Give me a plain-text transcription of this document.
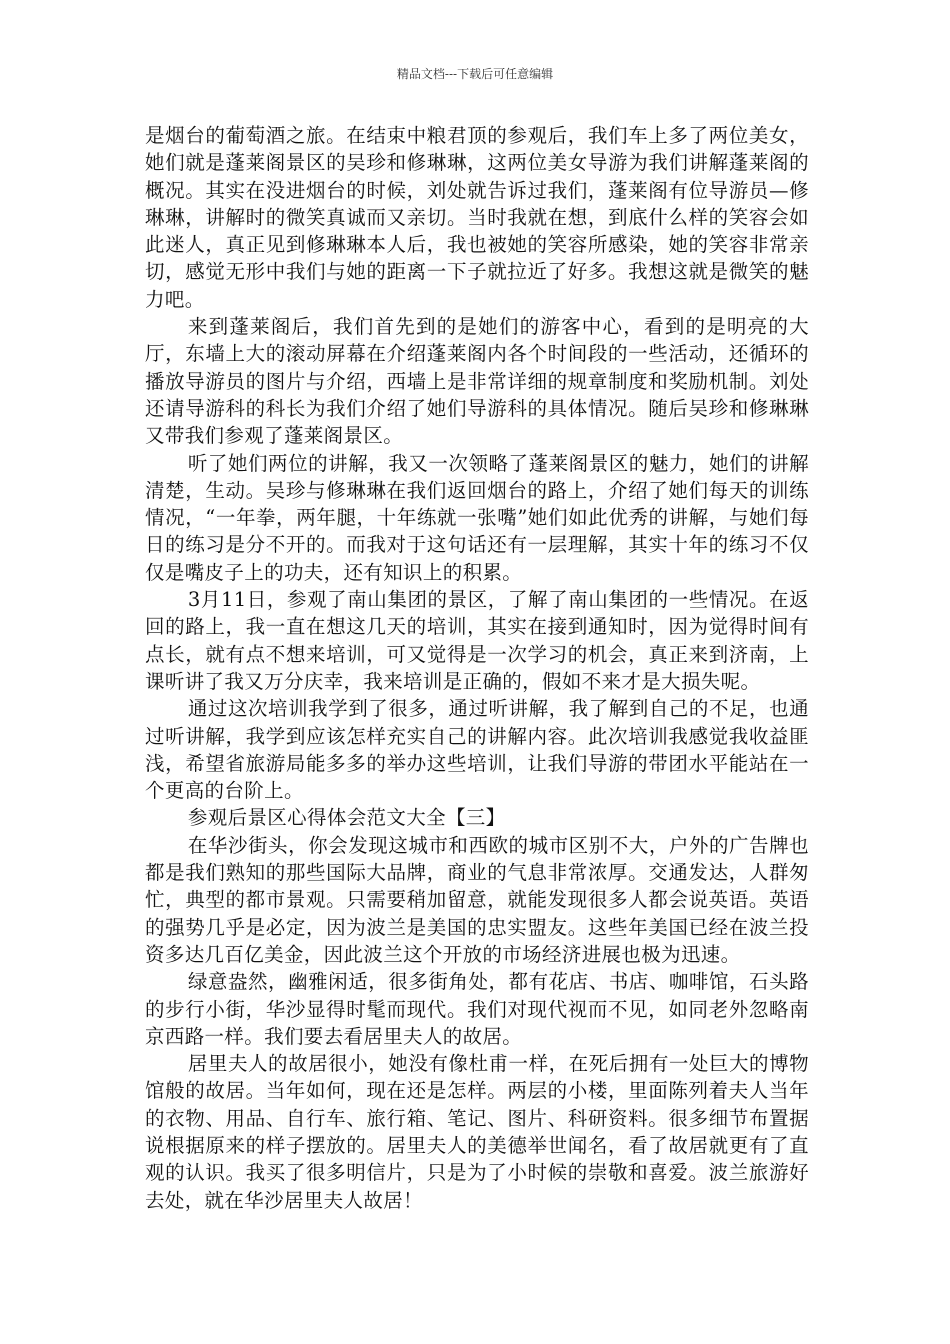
精品文档---下载后可任意编辑

是烟台的葡萄酒之旅。在结束中粮君顶的参观后，我们车上多了两位美女，她们就是蓬莱阁景区的吴珍和修琳琳，这两位美女导游为我们讲解蓬莱阁的概况。其实在没进烟台的时候，刘处就告诉过我们，蓬莱阁有位导游员—修琳琳，讲解时的微笑真诚而又亲切。当时我就在想，到底什么样的笑容会如此迷人，真正见到修琳琳本人后，我也被她的笑容所感染，她的笑容非常亲切，感觉无形中我们与她的距离一下子就拉近了好多。我想这就是微笑的魅力吧。

来到蓬莱阁后，我们首先到的是她们的游客中心，看到的是明亮的大厅，东墙上大的滚动屏幕在介绍蓬莱阁内各个时间段的一些活动，还循环的播放导游员的图片与介绍，西墙上是非常详细的规章制度和奖励机制。刘处还请导游科的科长为我们介绍了她们导游科的具体情况。随后吴珍和修琳琳又带我们参观了蓬莱阁景区。

听了她们两位的讲解，我又一次领略了蓬莱阁景区的魅力，她们的讲解清楚，生动。吴珍与修琳琳在我们返回烟台的路上，介绍了她们每天的训练情况，“一年拳，两年腿，十年练就一张嘴”她们如此优秀的讲解，与她们每日的练习是分不开的。而我对于这句话还有一层理解，其实十年的练习不仅仅是嘴皮子上的功夫，还有知识上的积累。

3月11日，参观了南山集团的景区，了解了南山集团的一些情况。在返回的路上，我一直在想这几天的培训，其实在接到通知时，因为觉得时间有点长，就有点不想来培训，可又觉得是一次学习的机会，真正来到济南，上课听讲了我又万分庆幸，我来培训是正确的，假如不来才是大损失呢。

通过这次培训我学到了很多，通过听讲解，我了解到自己的不足，也通过听讲解，我学到应该怎样充实自己的讲解内容。此次培训我感觉我收益匪浅，希望省旅游局能多多的举办这些培训，让我们导游的带团水平能站在一个更高的台阶上。

参观后景区心得体会范文大全【三】

在华沙街头，你会发现这城市和西欧的城市区别不大，户外的广告牌也都是我们熟知的那些国际大品牌，商业的气息非常浓厚。交通发达，人群匆忙，典型的都市景观。只需要稍加留意，就能发现很多人都会说英语。英语的强势几乎是必定，因为波兰是美国的忠实盟友。这些年美国已经在波兰投资多达几百亿美金，因此波兰这个开放的市场经济进展也极为迅速。

绿意盎然，幽雅闲适，很多街角处，都有花店、书店、咖啡馆，石头路的步行小街，华沙显得时髦而现代。我们对现代视而不见，如同老外忽略南京西路一样。我们要去看居里夫人的故居。

居里夫人的故居很小，她没有像杜甫一样，在死后拥有一处巨大的博物馆般的故居。当年如何，现在还是怎样。两层的小楼，里面陈列着夫人当年的衣物、用品、自行车、旅行箱、笔记、图片、科研资料。很多细节布置据说根据原来的样子摆放的。居里夫人的美德举世闻名，看了故居就更有了直观的认识。我买了很多明信片，只是为了小时候的崇敬和喜爱。波兰旅游好去处，就在华沙居里夫人故居！
